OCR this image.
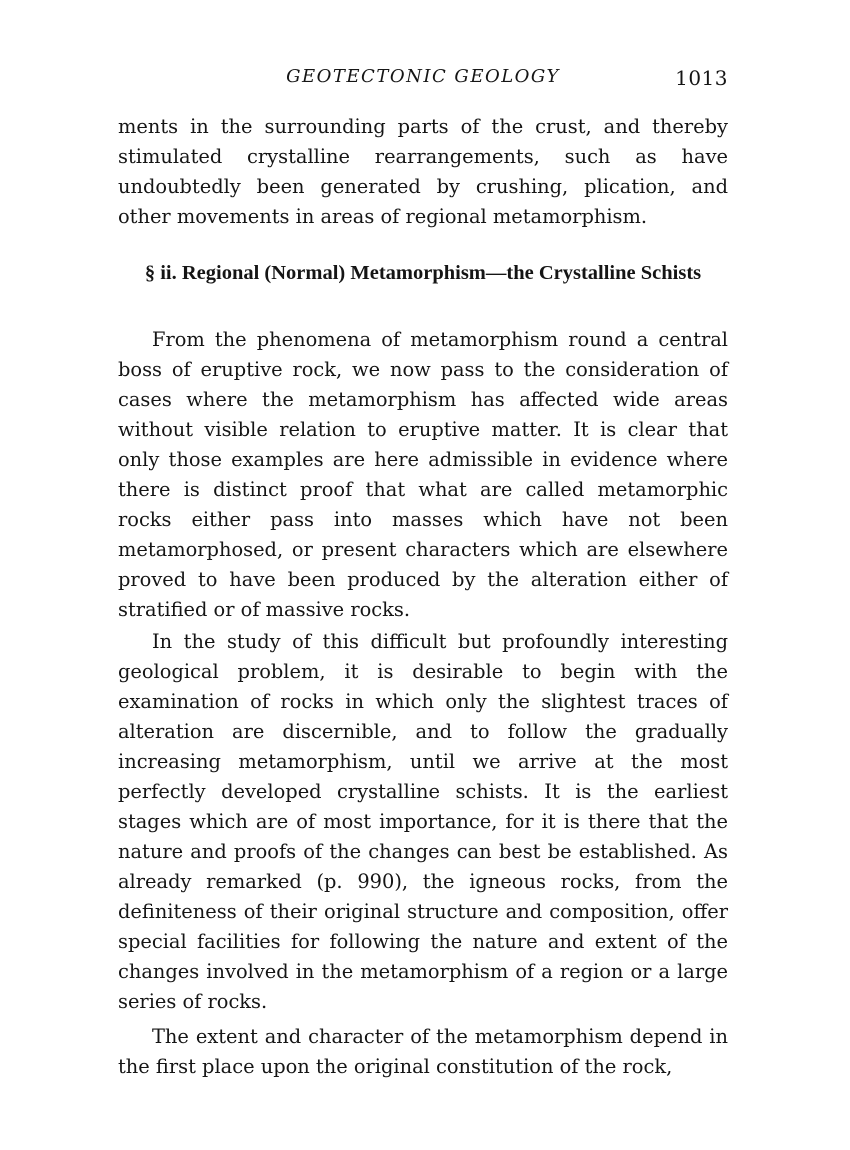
GEOTECTONIC GEOLOGY	1013

ments in the surrounding parts of the crust, and thereby stimulated crystalline rearrangements, such as have undoubtedly been generated by crushing, plication, and other movements in areas of regional metamorphism.

§ ii. Regional (Normal) Metamorphism—the Crystalline Schists

From the phenomena of metamorphism round a central boss of eruptive rock, we now pass to the consideration of cases where the metamorphism has affected wide areas without visible relation to eruptive matter. It is clear that only those examples are here admissible in evidence where there is distinct proof that what are called metamorphic rocks either pass into masses which have not been metamorphosed, or present characters which are elsewhere proved to have been produced by the alteration either of stratified or of massive rocks.

In the study of this difficult but profoundly interesting geological problem, it is desirable to begin with the examination of rocks in which only the slightest traces of alteration are discernible, and to follow the gradually increasing metamorphism, until we arrive at the most perfectly developed crystalline schists. It is the earliest stages which are of most importance, for it is there that the nature and proofs of the changes can best be established. As already remarked (p. 990), the igneous rocks, from the definiteness of their original structure and composition, offer special facilities for following the nature and extent of the changes involved in the metamorphism of a region or a large series of rocks.

The extent and character of the metamorphism depend in the first place upon the original constitution of the rock,
